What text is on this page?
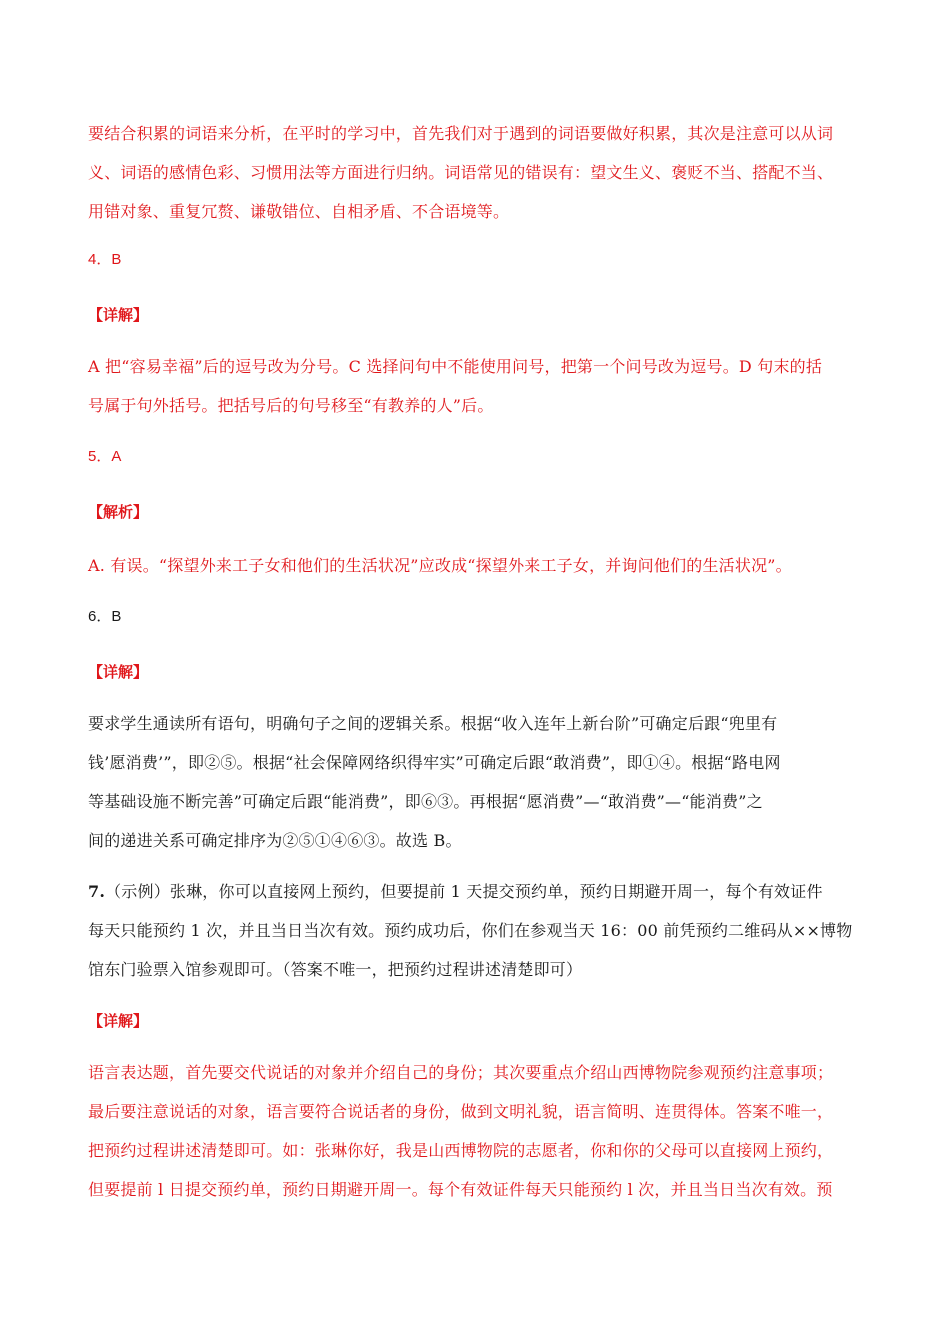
要结合积累的词语来分析，在平时的学习中，首先我们对于遇到的词语要做好积累，其次是注意可以从词
义、词语的感情色彩、习惯用法等方面进行归纳。词语常见的错误有：望文生义、褒贬不当、搭配不当、
用错对象、重复冗赘、谦敬错位、自相矛盾、不合语境等。

4．B

【详解】

A 把“容易幸福”后的逗号改为分号。C 选择问句中不能使用问号，把第一个问号改为逗号。D 句末的括
号属于句外括号。把括号后的句号移至“有教养的人”后。

5．A

【解析】

A. 有误。“探望外来工子女和他们的生活状况”应改成“探望外来工子女，并询问他们的生活状况”。

6．B

【详解】

要求学生通读所有语句，明确句子之间的逻辑关系。根据“收入连年上新台阶”可确定后跟“兜里有
钱’愿消费’”，即②⑤。根据“社会保障网络织得牢实”可确定后跟“敢消费”，即①④。根据“路电网
等基础设施不断完善”可确定后跟“能消费”，即⑥③。再根据“愿消费”—“敢消费”—“能消费”之
间的递进关系可确定排序为②⑤①④⑥③。故选 B。

7.（示例）张琳，你可以直接网上预约，但要提前 1 天提交预约单，预约日期避开周一，每个有效证件
每天只能预约 1 次，并且当日当次有效。预约成功后，你们在参观当天 16：00 前凭预约二维码从××博物
馆东门验票入馆参观即可。（答案不唯一，把预约过程讲述清楚即可）

【详解】

语言表达题，首先要交代说话的对象并介绍自己的身份；其次要重点介绍山西博物院参观预约注意事项；
最后要注意说话的对象，语言要符合说话者的身份，做到文明礼貌，语言简明、连贯得体。答案不唯一，
把预约过程讲述清楚即可。如：张琳你好，我是山西博物院的志愿者，你和你的父母可以直接网上预约，
但要提前 l 日提交预约单，预约日期避开周一。每个有效证件每天只能预约 l 次，并且当日当次有效。预
